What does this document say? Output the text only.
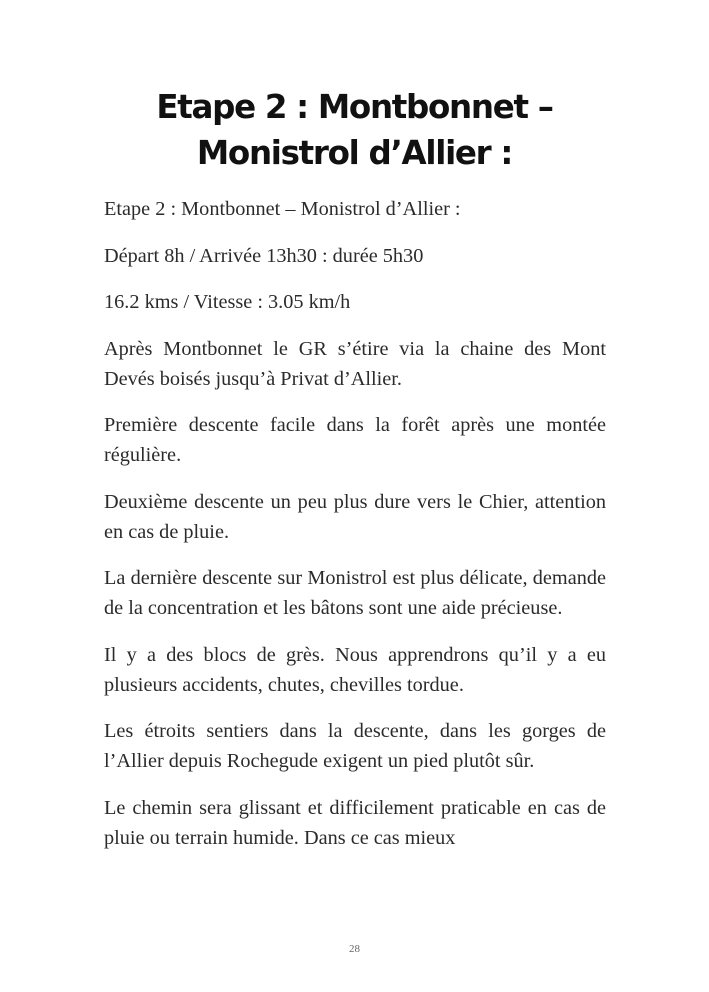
Etape 2 : Montbonnet –
Monistrol d’Allier :

Etape 2 : Montbonnet – Monistrol d’Allier :

Départ 8h / Arrivée 13h30 : durée 5h30

16.2 kms / Vitesse : 3.05 km/h

Après Montbonnet le GR s’étire via la chaine des Mont Devés boisés jusqu’à Privat d’Allier.

Première descente facile dans la forêt après une montée régulière.

Deuxième descente un peu plus dure vers le Chier, attention en cas de pluie.

La dernière descente sur Monistrol est plus délicate, demande de la concentration et les bâtons sont une aide précieuse.

Il y a des blocs de grès. Nous apprendrons qu’il y a eu plusieurs accidents, chutes, chevilles tordue.

Les étroits sentiers dans la descente, dans les gorges de l’Allier depuis Rochegude exigent un pied plutôt sûr.

Le chemin sera glissant et difficilement praticable en cas de pluie ou terrain humide. Dans ce cas mieux

28
